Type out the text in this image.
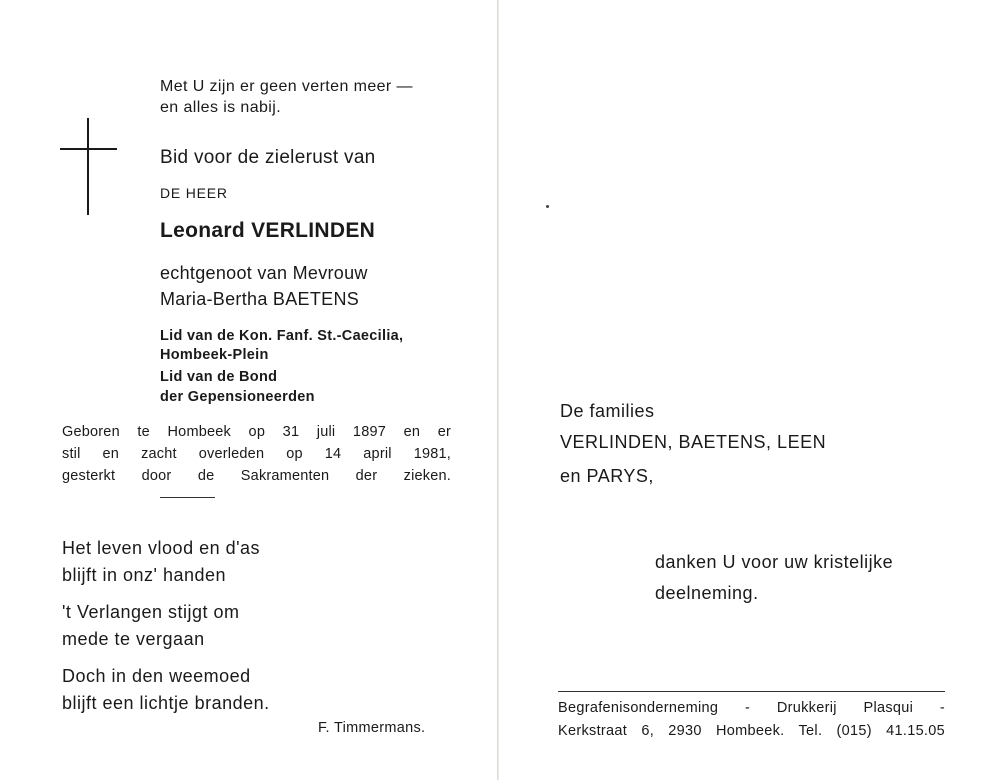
Met U zijn er geen verten meer —
en alles is nabij.
Bid voor de zielerust van
DE HEER
Leonard VERLINDEN
echtgenoot van Mevrouw
Maria-Bertha BAETENS
Lid van de Kon. Fanf. St.-Caecilia,
Hombeek-Plein
Lid van de Bond
der Gepensioneerden
Geboren te Hombeek op 31 juli 1897 en er
stil en zacht overleden op 14 april 1981,
gesterkt door de Sakramenten der zieken.
Het leven vlood en d'as
blijft in onz' handen
't Verlangen stijgt om
mede te vergaan
Doch in den weemoed
blijft een lichtje branden.
F. Timmermans.
De families
VERLINDEN, BAETENS, LEEN
en PARYS,
danken U voor uw kristelijke
deelneming.
Begrafenisonderneming - Drukkerij Plasqui -
Kerkstraat 6, 2930 Hombeek. Tel. (015) 41.15.05
